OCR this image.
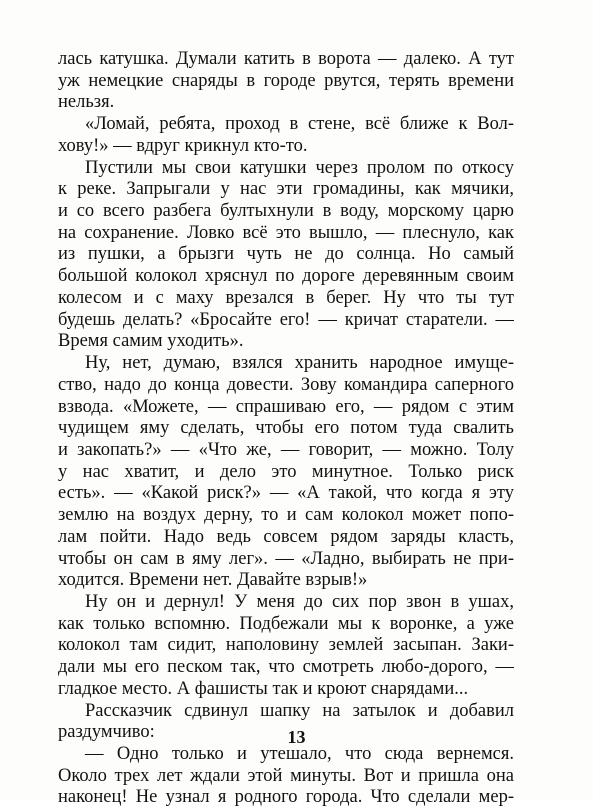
лась катушка. Думали катить в ворота — далеко. А тут
уж немецкие снаряды в городе рвутся, терять времени
нельзя.
«Ломай, ребята, проход в стене, всё ближе к Вол-
хову!» — вдруг крикнул кто-то.
Пустили мы свои катушки через пролом по откосу
к реке. Запрыгали у нас эти громадины, как мячики,
и со всего разбега бултыхнули в воду, морскому царю
на сохранение. Ловко всё это вышло, — плеснуло, как
из пушки, а брызги чуть не до солнца. Но самый
большой колокол хряснул по дороге деревянным своим
колесом и с маху врезался в берег. Ну что ты тут
будешь делать? «Бросайте его! — кричат старатели. —
Время самим уходить».
Ну, нет, думаю, взялся хранить народное имуще-
ство, надо до конца довести. Зову командира саперного
взвода. «Можете, — спрашиваю его, — рядом с этим
чудищем яму сделать, чтобы его потом туда свалить
и закопать?» — «Что же, — говорит, — можно. Толу
у нас хватит, и дело это минутное. Только риск
есть». — «Какой риск?» — «А такой, что когда я эту
землю на воздух дерну, то и сам колокол может попо-
лам пойти. Надо ведь совсем рядом заряды класть,
чтобы он сам в яму лег». — «Ладно, выбирать не при-
ходится. Времени нет. Давайте взрыв!»
Ну он и дернул! У меня до сих пор звон в ушах,
как только вспомню. Подбежали мы к воронке, а уже
колокол там сидит, наполовину землей засыпан. Заки-
дали мы его песком так, что смотреть любо-дорого, —
гладкое место. А фашисты так и кроют снарядами...
Рассказчик сдвинул шапку на затылок и добавил
раздумчиво:
— Одно только и утешало, что сюда вернемся.
Около трех лет ждали этой минуты. Вот и пришла она
наконец! Не узнал я родного города. Что сделали мер-
13
